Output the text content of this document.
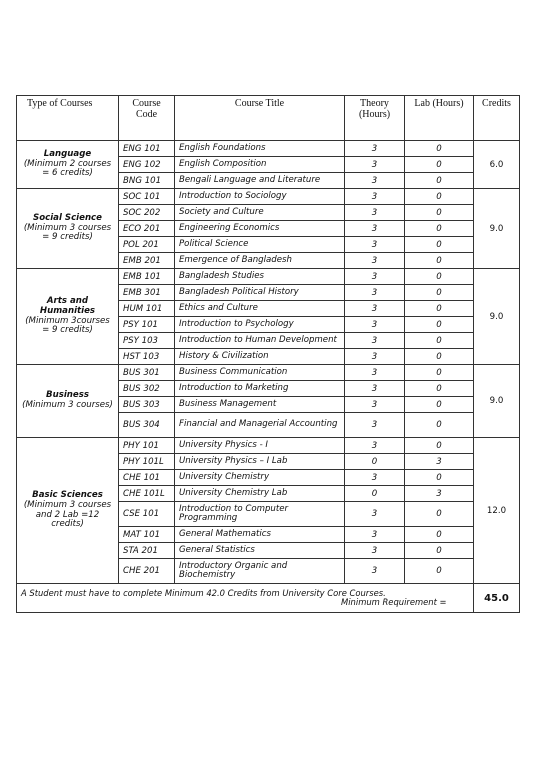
Type of Courses	Course Code	Course Title	Theory (Hours)	Lab (Hours)	Credits

Language
(Minimum 2 courses = 6 credits)	ENG 101	English Foundations	3	0	6.0
	ENG 102	English Composition	3	0	
	BNG 101	Bengali Language and Literature	3	0	

Social Science
(Minimum 3 courses = 9 credits)	SOC 101	Introduction to Sociology	3	0	9.0
	SOC 202	Society and Culture	3	0	
	ECO 201	Engineering Economics	3	0	
	POL 201	Political Science	3	0	
	EMB 201	Emergence of Bangladesh	3	0	

Arts and Humanities
(Minimum 3courses = 9 credits)	EMB 101	Bangladesh Studies	3	0	9.0
	EMB 301	Bangladesh Political History	3	0	
	HUM 101	Ethics and Culture	3	0	
	PSY 101	Introduction to Psychology	3	0	
	PSY 103	Introduction to Human Development	3	0	
	HST 103	History & Civilization	3	0	

Business
(Minimum 3 courses)	BUS 301	Business Communication	3	0	9.0
	BUS 302	Introduction to Marketing	3	0	
	BUS 303	Business Management	3	0	
	BUS 304	Financial and Managerial Accounting	3	0	

Basic Sciences
(Minimum 3 courses and 2 Lab =12 credits)	PHY 101	University Physics - I	3	0	12.0
	PHY 101L	University Physics – I Lab	0	3	
	CHE 101	University Chemistry	3	0	
	CHE 101L	University Chemistry Lab	0	3	
	CSE 101	Introduction to Computer Programming	3	0	
	MAT 101	General Mathematics	3	0	
	STA 201	General Statistics	3	0	
	CHE 201	Introductory Organic and Biochemistry	3	0	
A Student must have to complete Minimum 42.0 Credits from University Core Courses.
Minimum Requirement =					45.0
